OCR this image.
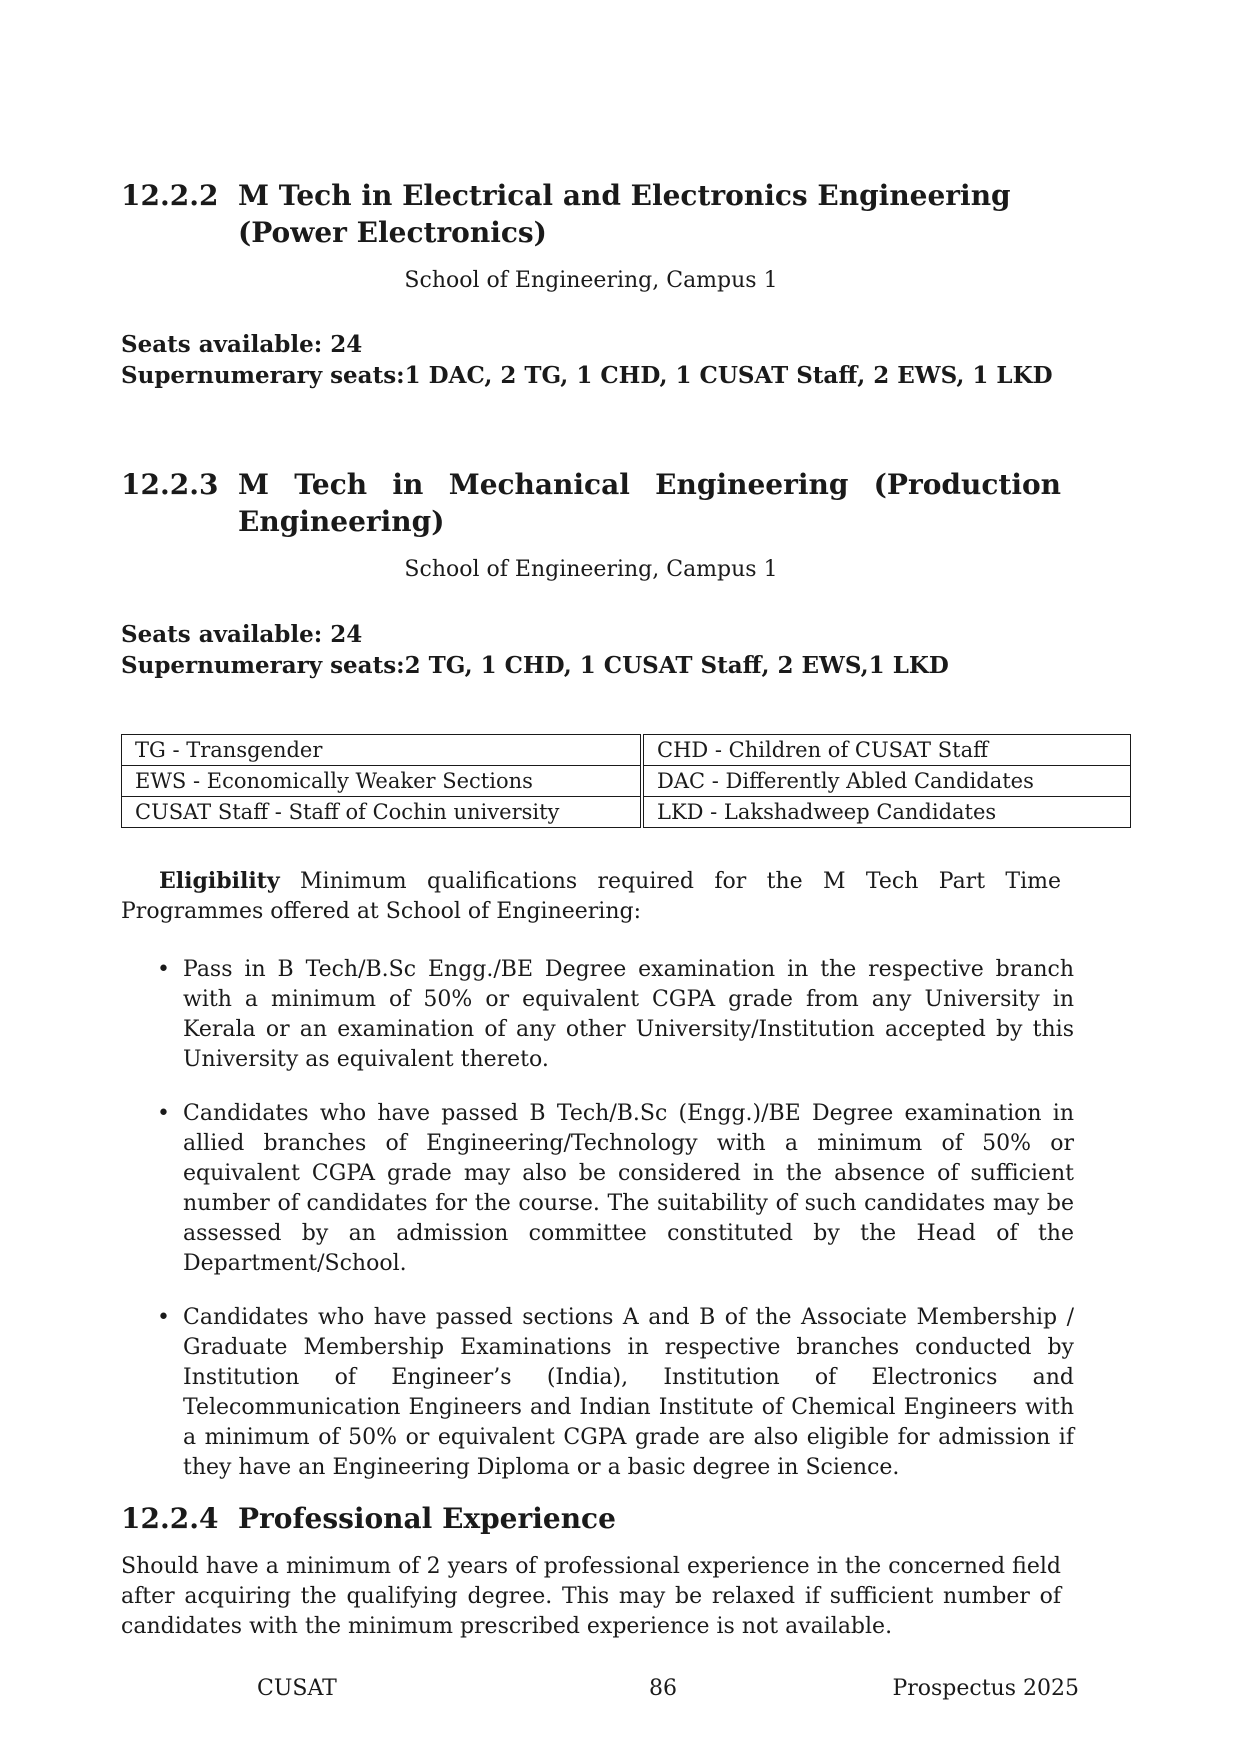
12.2.2 M Tech in Electrical and Electronics Engineering (Power Electronics)
School of Engineering, Campus 1
Seats available: 24
Supernumerary seats:1 DAC, 2 TG, 1 CHD, 1 CUSAT Staff, 2 EWS, 1 LKD
12.2.3 M Tech in Mechanical Engineering (Production Engineering)
School of Engineering, Campus 1
Seats available: 24
Supernumerary seats:2 TG, 1 CHD, 1 CUSAT Staff, 2 EWS,1 LKD
TG - Transgender	CHD - Children of CUSAT Staff
EWS - Economically Weaker Sections	DAC - Differently Abled Candidates
CUSAT Staff - Staff of Cochin university	LKD - Lakshadweep Candidates
Eligibility Minimum qualifications required for the M Tech Part Time Programmes offered at School of Engineering:
• Pass in B Tech/B.Sc Engg./BE Degree examination in the respective branch with a minimum of 50% or equivalent CGPA grade from any University in Kerala or an examination of any other University/Institution accepted by this University as equivalent thereto.
• Candidates who have passed B Tech/B.Sc (Engg.)/BE Degree examination in allied branches of Engineering/Technology with a minimum of 50% or equivalent CGPA grade may also be considered in the absence of sufficient number of candidates for the course. The suitability of such candidates may be assessed by an admission committee constituted by the Head of the Department/School.
• Candidates who have passed sections A and B of the Associate Membership / Graduate Membership Examinations in respective branches conducted by Institution of Engineer’s (India), Institution of Electronics and Telecommunication Engineers and Indian Institute of Chemical Engineers with a minimum of 50% or equivalent CGPA grade are also eligible for admission if they have an Engineering Diploma or a basic degree in Science.
12.2.4 Professional Experience
Should have a minimum of 2 years of professional experience in the concerned field after acquiring the qualifying degree. This may be relaxed if sufficient number of candidates with the minimum prescribed experience is not available.
CUSAT	86	Prospectus 2025
